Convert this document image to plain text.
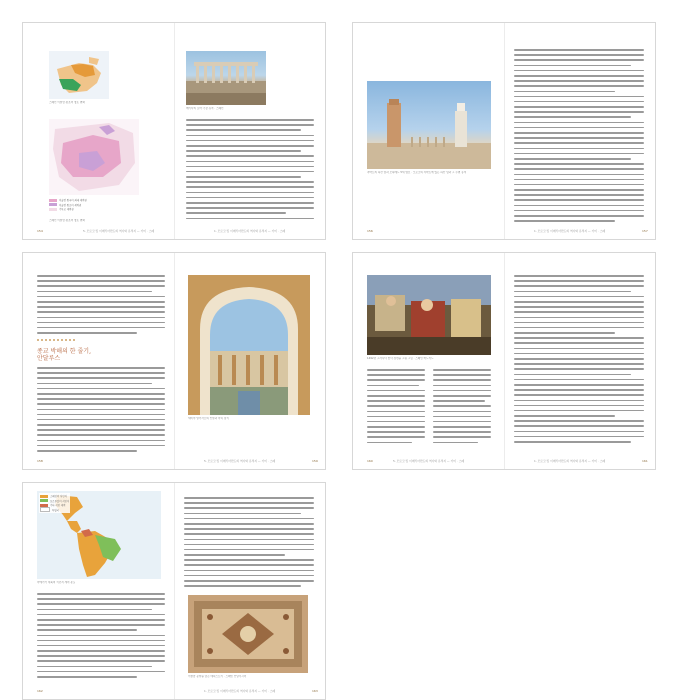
스페인 이슬람 왕조의 영토 변화
이슬람 왕국의 최대 세력권
이슬람 왕조의 세력권
기독교 세력권
스페인 이슬람 왕조의 영토 변화
154	5. 모로코 및 이베리아반도의 역사와 유적지 — 카미 · 스페
메리다의 로마 극장 유적 · 스페인
1. 모로코 및 이베리아반도의 역사와 유적지 — 카미 · 스페
라바트의 하산 탑과 모하메드 5세 영묘 · 모로코의 라바트에 있는 하산 탑과 그 주변 유적
156	1. 모로코 및 이베리아반도의 역사와 유적지 — 카미 · 스페	157
종교 박해의 한 줄기,
안달루스
158
세비야 알카사르의 안뜰과 아치 장식
5. 모로코 및 이베리아반도의 역사와 유적지 — 카미 · 스페	159
1492년 그라나다 함락 장면을 그린 그림 · 스페인 마드리드
160	5. 모로코 및 이베리아반도의 역사와 유적지 — 카미 · 스페	1. 모로코 및 이베리아반도의 역사와 유적지 — 카미 · 스페	161
스페인의 식민지
포르투갈의 식민지
기타 식민 세력
독립국
아메리카 대륙의 식민지 세력 분포
162
이슬람 문양을 담은 태피스트리 · 스페인 안달루시아
1. 모로코 및 이베리아반도의 역사와 유적지 — 카미 · 스페	163
